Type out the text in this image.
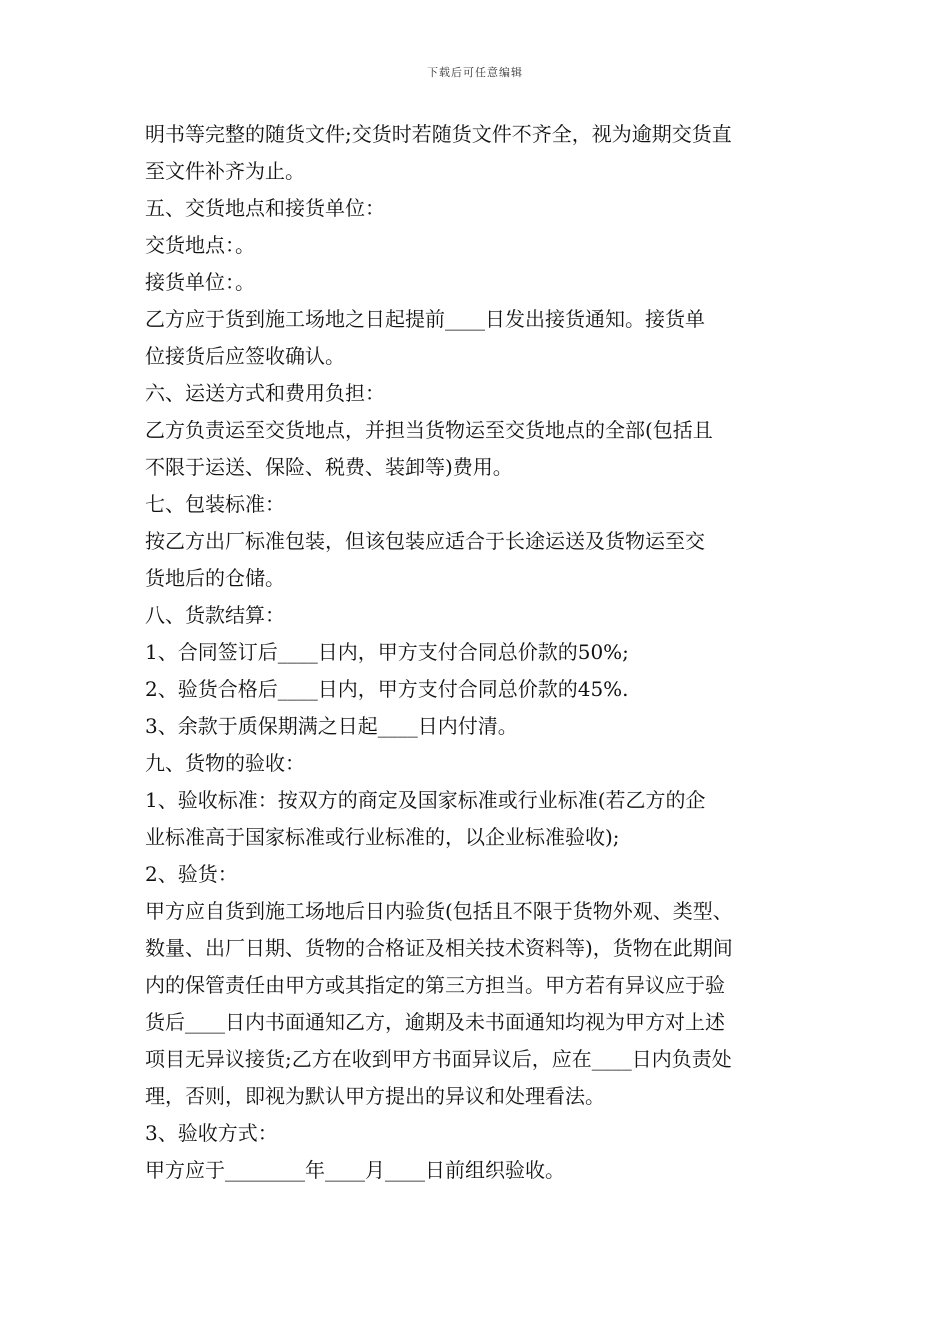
下载后可任意编辑
明书等完整的随货文件;交货时若随货文件不齐全，视为逾期交货直
至文件补齐为止。
五、交货地点和接货单位：
交货地点：。
接货单位：。
乙方应于货到施工场地之日起提前____日发出接货通知。接货单
位接货后应签收确认。
六、运送方式和费用负担：
乙方负责运至交货地点，并担当货物运至交货地点的全部(包括且
不限于运送、保险、税费、装卸等)费用。
七、包装标准：
按乙方出厂标准包装，但该包装应适合于长途运送及货物运至交
货地后的仓储。
八、货款结算：
1、合同签订后____日内，甲方支付合同总价款的50%;
2、验货合格后____日内，甲方支付合同总价款的45%.
3、余款于质保期满之日起____日内付清。
九、货物的验收：
1、验收标准：按双方的商定及国家标准或行业标准(若乙方的企
业标准高于国家标准或行业标准的，以企业标准验收);
2、验货：
甲方应自货到施工场地后日内验货(包括且不限于货物外观、类型、
数量、出厂日期、货物的合格证及相关技术资料等)，货物在此期间
内的保管责任由甲方或其指定的第三方担当。甲方若有异议应于验
货后____日内书面通知乙方，逾期及未书面通知均视为甲方对上述
项目无异议接货;乙方在收到甲方书面异议后，应在____日内负责处
理，否则，即视为默认甲方提出的异议和处理看法。
3、验收方式：
甲方应于________年____月____日前组织验收。
